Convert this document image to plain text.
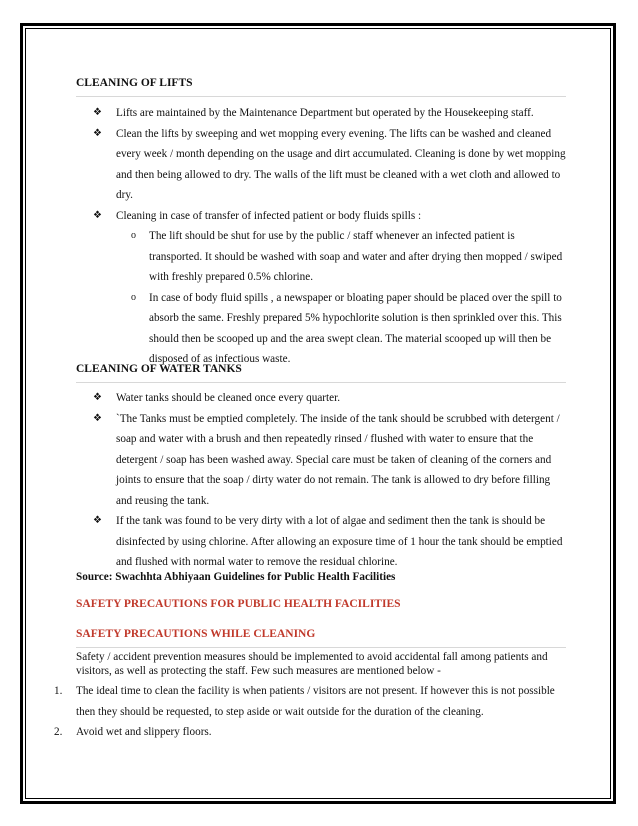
CLEANING OF LIFTS
❖ Lifts are maintained by the Maintenance Department but operated by the Housekeeping staff.
❖ Clean the lifts by sweeping and wet mopping every evening. The lifts can be washed and cleaned every week / month depending on the usage and dirt accumulated. Cleaning is done by wet mopping and then being allowed to dry. The walls of the lift must be cleaned with a wet cloth and allowed to dry.
❖ Cleaning in case of transfer of infected patient or body fluids spills :
o The lift should be shut for use by the public / staff whenever an infected patient is transported. It should be washed with soap and water and after drying then mopped / swiped with freshly prepared 0.5% chlorine.
o In case of body fluid spills , a newspaper or bloating paper should be placed over the spill to absorb the same. Freshly prepared 5% hypochlorite solution is then sprinkled over this. This should then be scooped up and the area swept clean. The material scooped up will then be disposed of as infectious waste.
CLEANING OF WATER TANKS
❖ Water tanks should be cleaned once every quarter.
❖ `The Tanks must be emptied completely. The inside of the tank should be scrubbed with detergent / soap and water with a brush and then repeatedly rinsed / flushed with water to ensure that the detergent / soap has been washed away. Special care must be taken of cleaning of the corners and joints to ensure that the soap / dirty water do not remain. The tank is allowed to dry before filling and reusing the tank.
❖ If the tank was found to be very dirty with a lot of algae and sediment then the tank is should be disinfected by using chlorine. After allowing an exposure time of 1 hour the tank should be emptied and flushed with normal water to remove the residual chlorine.
Source: Swachhta Abhiyaan Guidelines for Public Health Facilities
SAFETY PRECAUTIONS FOR PUBLIC HEALTH FACILITIES
SAFETY PRECAUTIONS WHILE CLEANING
Safety / accident prevention measures should be implemented to avoid accidental fall among patients and visitors, as well as protecting the staff. Few such measures are mentioned below -
1. The ideal time to clean the facility is when patients / visitors are not present. If however this is not possible then they should be requested, to step aside or wait outside for the duration of the cleaning.
2. Avoid wet and slippery floors.
